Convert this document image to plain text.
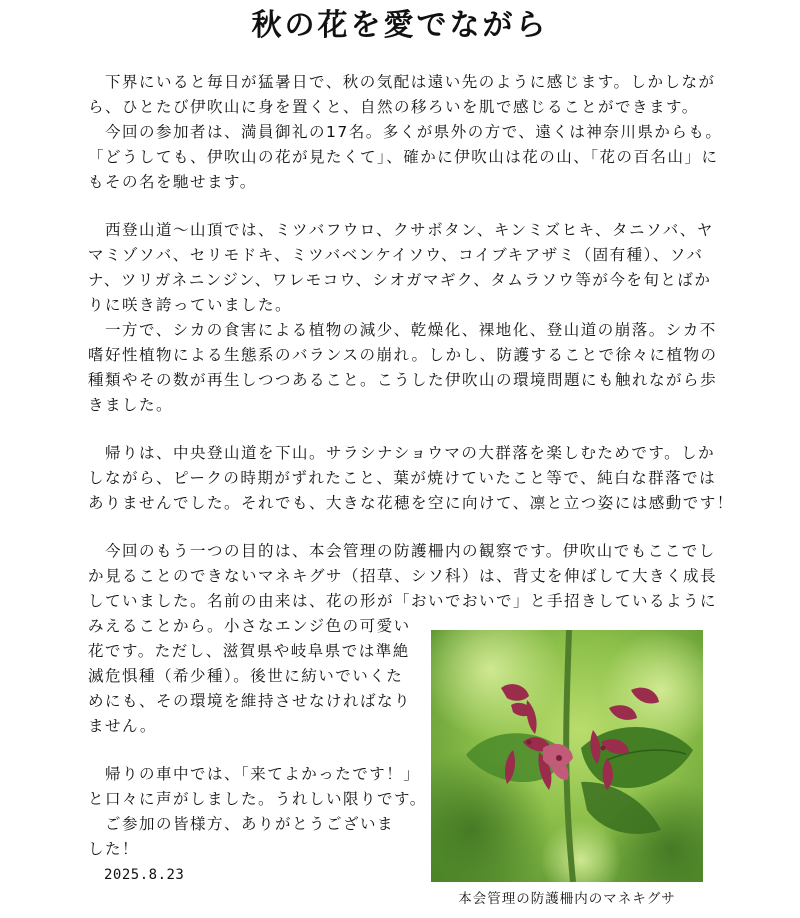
秋の花を愛でながら

　下界にいると毎日が猛暑日で、秋の気配は遠い先のように感じます。しかしなが

ら、ひとたび伊吹山に身を置くと、自然の移ろいを肌で感じることができます。

　今回の参加者は、満員御礼の17名。多くが県外の方で、遠くは神奈川県からも。

「どうしても、伊吹山の花が見たくて」、確かに伊吹山は花の山、「花の百名山」に

もその名を馳せます。

　西登山道～山頂では、ミツバフウロ、クサボタン、キンミズヒキ、タニソバ、ヤ

マミゾソバ、セリモドキ、ミツバベンケイソウ、コイブキアザミ（固有種）、ソバ

ナ、ツリガネニンジン、ワレモコウ、シオガマギク、タムラソウ等が今を旬とばか

りに咲き誇っていました。

　一方で、シカの食害による植物の減少、乾燥化、裸地化、登山道の崩落。シカ不

嗜好性植物による生態系のバランスの崩れ。しかし、防護することで徐々に植物の

種類やその数が再生しつつあること。こうした伊吹山の環境問題にも触れながら歩

きました。

　帰りは、中央登山道を下山。サラシナショウマの大群落を楽しむためです。しか

しながら、ピークの時期がずれたこと、葉が焼けていたこと等で、純白な群落では

ありませんでした。それでも、大きな花穂を空に向けて、凛と立つ姿には感動です！

　今回のもう一つの目的は、本会管理の防護柵内の観察です。伊吹山でもここでし

か見ることのできないマネキグサ（招草、シソ科）は、背丈を伸ばして大きく成長

していました。名前の由来は、花の形が「おいでおいで」と手招きしているように

みえることから。小さなエンジ色の可愛い

花です。ただし、滋賀県や岐阜県では準絶

滅危惧種（希少種）。後世に紡いでいくた

めにも、その環境を維持させなければなり

ません。

　帰りの車中では、「来てよかったです！」

と口々に声がしました。うれしい限りです。

　ご参加の皆様方、ありがとうございま

した！

2025.8.23

本会管理の防護柵内のマネキグサ
